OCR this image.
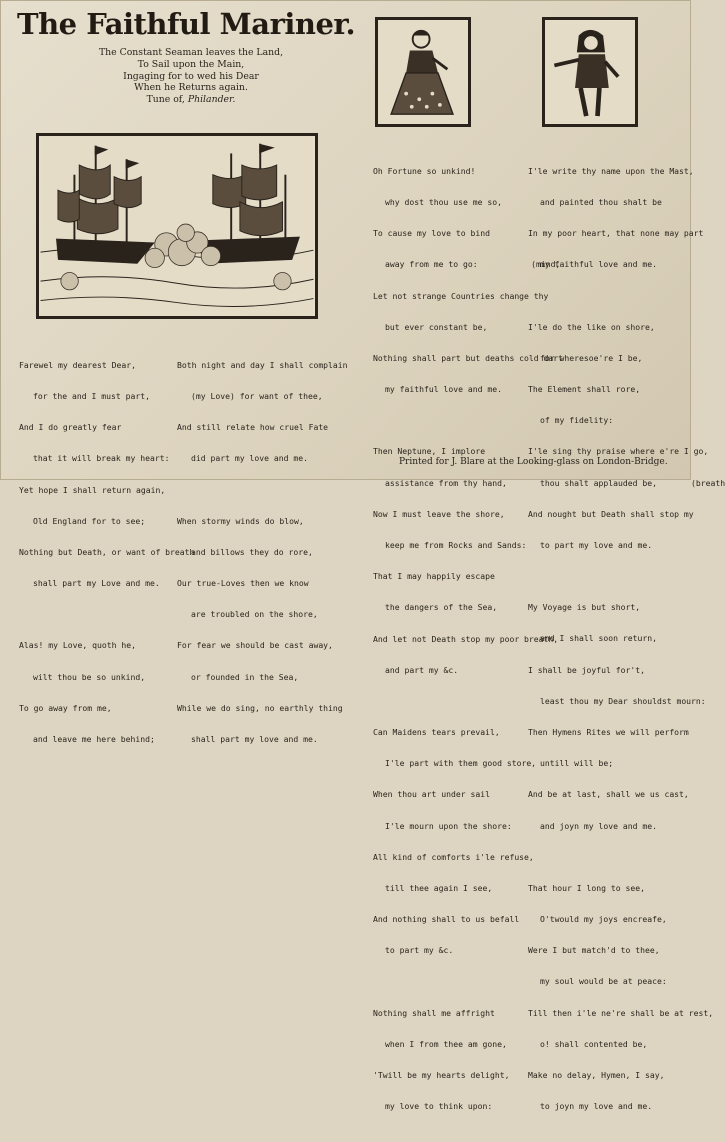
The Faithful Mariner.
The Constant Seaman leaves the Land,
To Sail upon the Main,
Ingaging for to wed his Dear
When he Returns again.
Tune of, Philander.

Farewel my dearest Dear,

for the and I must part,

And I do greatly fear

that it will break my heart:

Yet hope I shall return again,

Old England for to see;

Nothing but Death, or want of breath

shall part my Love and me.

Alas! my Love, quoth he,

wilt thou be so unkind,

To go away from me,

and leave me here behind;

Both night and day I shall complain

(my Love) for want of thee,

And still relate how cruel Fate

did part my love and me.

When stormy winds do blow,

and billows they do rore,

Our true-Loves then we know

are troubled on the shore,

For fear we should be cast away,

or founded in the Sea,

While we do sing, no earthly thing

shall part my love and me.

Oh Fortune so unkind!

why dost thou use me so,

To cause my love to bind

away from me to go:           (mind,

Let not strange Countries change thy

but ever constant be,

Nothing shall part but deaths cold dart

my faithful love and me.

Then Neptune, I implore

assistance from thy hand,

Now I must leave the shore,

keep me from Rocks and Sands:

That I may happily escape

the dangers of the Sea,

And let not Death stop my poor breath,

and part my &c.

Can Maidens tears prevail,

I'le part with them good store,

When thou art under sail

I'le mourn upon the shore:

All kind of comforts i'le refuse,

till thee again I see,

And nothing shall to us befall

to part my &c.

Nothing shall me affright

when I from thee am gone,

'Twill be my hearts delight,

my love to think upon:

I'le write thy name upon the Mast,

and painted thou shalt be

In my poor heart, that none may part

my faithful love and me.

I'le do the like on shore,

for wheresoe're I be,

The Element shall rore,

of my fidelity:

I'le sing thy praise where e're I go,

thou shalt applauded be,       (breath

And nought but Death shall stop my

to part my love and me.

My Voyage is but short,

and I shall soon return,

I shall be joyful for't,

least thou my Dear shouldst mourn:

Then Hymens Rites we will perform

untill will be;

And be at last, shall we us cast,

and joyn my love and me.

That hour I long to see,

O'twould my joys encreafe,

Were I but match'd to thee,

my soul would be at peace:

Till then i'le ne're shall be at rest,

o! shall contented be,

Make no delay, Hymen, I say,

to joyn my love and me.

Printed for J. Blare at the Looking-glass on London-Bridge.
